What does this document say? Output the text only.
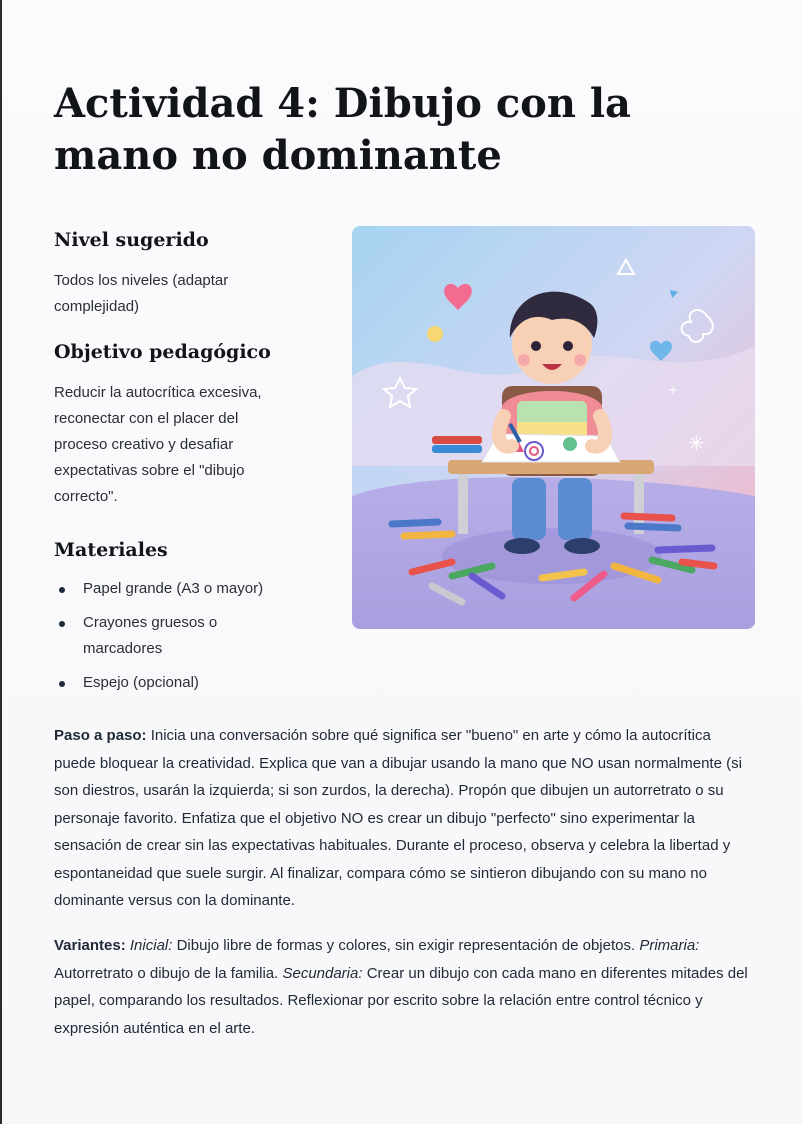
Actividad 4: Dibujo con la mano no dominante
Nivel sugerido

Todos los niveles (adaptar complejidad)

Objetivo pedagógico

Reducir la autocrítica excesiva, reconectar con el placer del proceso creativo y desafiar expectativas sobre el "dibujo correcto".

Materiales
Papel grande (A3 o mayor)
Crayones gruesos o marcadores
Espejo (opcional)
✳
+

Paso a paso: Inicia una conversación sobre qué significa ser "bueno" en arte y cómo la autocrítica puede bloquear la creatividad. Explica que van a dibujar usando la mano que NO usan normalmente (si son diestros, usarán la izquierda; si son zurdos, la derecha). Propón que dibujen un autorretrato o su personaje favorito. Enfatiza que el objetivo NO es crear un dibujo "perfecto" sino experimentar la sensación de crear sin las expectativas habituales. Durante el proceso, observa y celebra la libertad y espontaneidad que suele surgir. Al finalizar, compara cómo se sintieron dibujando con su mano no dominante versus con la dominante.

Variantes: Inicial: Dibujo libre de formas y colores, sin exigir representación de objetos. Primaria: Autorretrato o dibujo de la familia. Secundaria: Crear un dibujo con cada mano en diferentes mitades del papel, comparando los resultados. Reflexionar por escrito sobre la relación entre control técnico y expresión auténtica en el arte.
